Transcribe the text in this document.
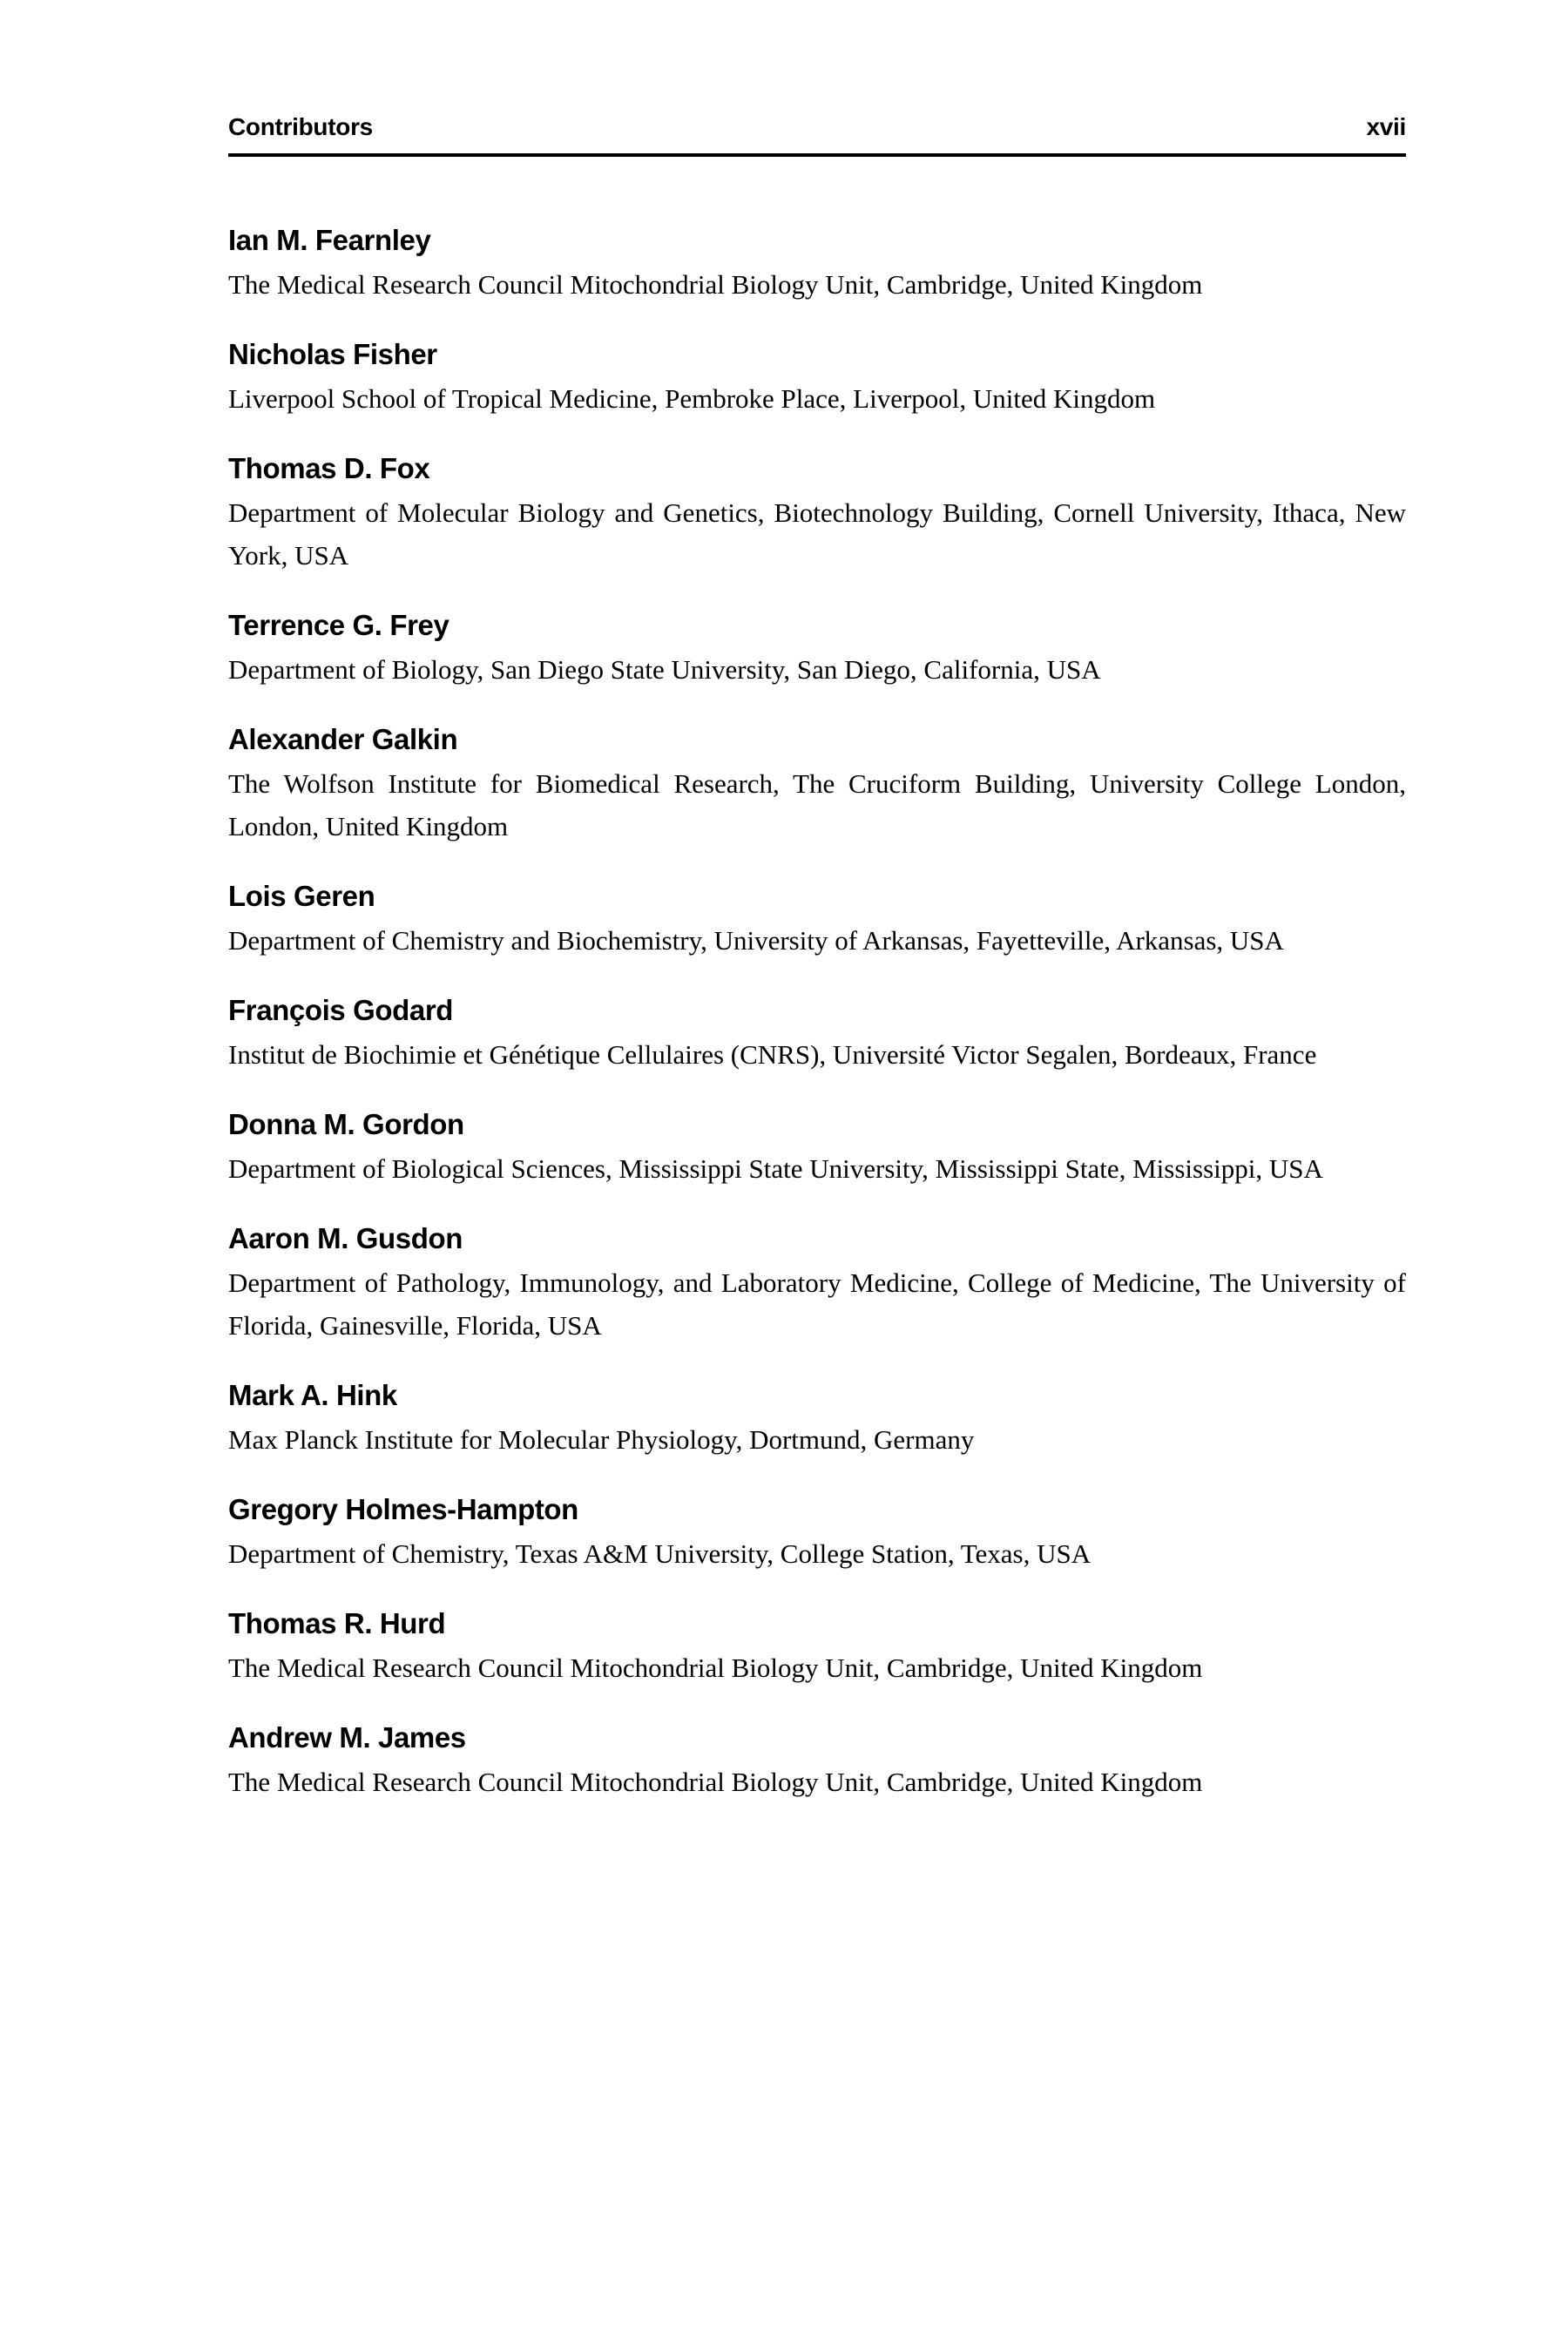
Contributors	xvii
Ian M. Fearnley

The Medical Research Council Mitochondrial Biology Unit, Cambridge, United Kingdom

Nicholas Fisher

Liverpool School of Tropical Medicine, Pembroke Place, Liverpool, United Kingdom

Thomas D. Fox

Department of Molecular Biology and Genetics, Biotechnology Building, Cornell University, Ithaca, New York, USA

Terrence G. Frey

Department of Biology, San Diego State University, San Diego, California, USA

Alexander Galkin

The Wolfson Institute for Biomedical Research, The Cruciform Building, University College London, London, United Kingdom

Lois Geren

Department of Chemistry and Biochemistry, University of Arkansas, Fayetteville, Arkansas, USA

François Godard

Institut de Biochimie et Génétique Cellulaires (CNRS), Université Victor Segalen, Bordeaux, France

Donna M. Gordon

Department of Biological Sciences, Mississippi State University, Mississippi State, Mississippi, USA

Aaron M. Gusdon

Department of Pathology, Immunology, and Laboratory Medicine, College of Medicine, The University of Florida, Gainesville, Florida, USA

Mark A. Hink

Max Planck Institute for Molecular Physiology, Dortmund, Germany

Gregory Holmes-Hampton

Department of Chemistry, Texas A&M University, College Station, Texas, USA

Thomas R. Hurd

The Medical Research Council Mitochondrial Biology Unit, Cambridge, United Kingdom

Andrew M. James

The Medical Research Council Mitochondrial Biology Unit, Cambridge, United Kingdom
